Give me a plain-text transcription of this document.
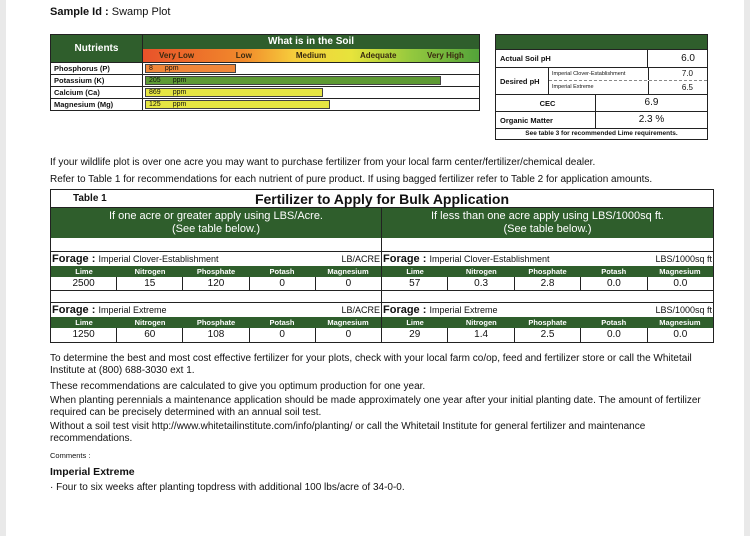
Sample Id : Swamp Plot
Nutrients
What is in the Soil
Very Low	Low	Medium	Adequate	Very High
Phosphorus (P)	8 ppm
Potassium (K)	205 ppm
Calcium (Ca)	869 ppm
Magnesium (Mg)	125 ppm
Actual Soil pH	6.0
Desired pH
Imperial Clover-Establishment	7.0
Imperial Extreme	6.5
CEC	6.9
Organic Matter	2.3 %
See table 3 for recommended Lime requirements.
If your wildlife plot is over one acre you may want to purchase fertilizer from your local farm center/fertilizer/chemical dealer.
Refer to Table 1 for recommendations for each nutrient of pure product. If using bagged fertilizer refer to Table 2 for application amounts.
Table 1	Fertilizer to Apply for Bulk Application
If one acre or greater apply using LBS/Acre.
(See table below.)
Forage : Imperial Clover-Establishment	LB/ACRE
Lime	Nitrogen	Phosphate	Potash	Magnesium
2500	15	120	0	0
Forage : Imperial Extreme	LB/ACRE
Lime	Nitrogen	Phosphate	Potash	Magnesium
1250	60	108	0	0
If less than one acre apply using LBS/1000sq ft.
(See table below.)
Forage : Imperial Clover-Establishment	LBS/1000sq ft
Lime	Nitrogen	Phosphate	Potash	Magnesium
57	0.3	2.8	0.0	0.0
Forage : Imperial Extreme	LBS/1000sq ft
Lime	Nitrogen	Phosphate	Potash	Magnesium
29	1.4	2.5	0.0	0.0
To determine the best and most cost effective fertilizer for your plots, check with your local farm co/op, feed and fertilizer store or call the Whitetail Institute at (800) 688-3030 ext 1.
These recommendations are calculated to give you optimum production for one year.
When planting perennials a maintenance application should be made approximately one year after your initial planting date. The amount of fertilizer required can be precisely determined with an annual soil test.
Without a soil test visit http://www.whitetailinstitute.com/info/planting/ or call the Whitetail Institute for general fertilizer and maintenance recommendations.
Comments :
Imperial Extreme
· Four to six weeks after planting topdress with additional 100 lbs/acre of 34-0-0.
